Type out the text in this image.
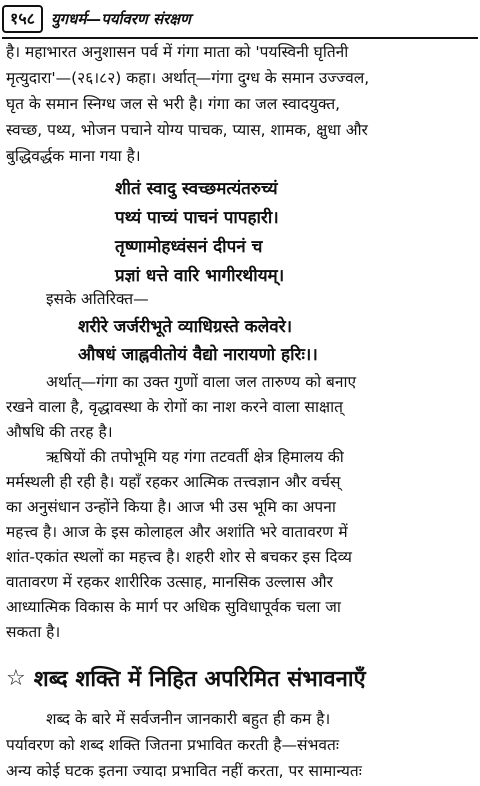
१५८	युगधर्म—पर्यावरण संरक्षण
है। महाभारत अनुशासन पर्व में गंगा माता को 'पयस्विनी घृतिनी
मृत्युदारा'—(२६।८२) कहा। अर्थात्—गंगा दुग्ध के समान उज्ज्वल,
घृत के समान स्निग्ध जल से भरी है। गंगा का जल स्वादयुक्त,
स्वच्छ, पथ्य, भोजन पचाने योग्य पाचक, प्यास, शामक, क्षुधा और
बुद्धिवर्द्धक माना गया है।
शीतं स्वादु स्वच्छमत्यंतरुच्यं
पथ्यं पाच्यं पाचनं पापहारी।
तृष्णामोहध्वंसनं दीपनं च
प्रज्ञां धत्ते वारि भागीरथीयम्।
इसके अतिरिक्त—
शरीरे जर्जरीभूते व्याधिग्रस्ते कलेवरे।
औषधं जाह्नवीतोयं वैद्यो नारायणो हरिः।।
अर्थात्—गंगा का उक्त गुणों वाला जल तारुण्य को बनाए
रखने वाला है, वृद्धावस्था के रोगों का नाश करने वाला साक्षात्
औषधि की तरह है।
ऋषियों की तपोभूमि यह गंगा तटवर्ती क्षेत्र हिमालय की
मर्मस्थली ही रही है। यहाँ रहकर आत्मिक तत्त्वज्ञान और वर्चस्
का अनुसंधान उन्होंने किया है। आज भी उस भूमि का अपना
महत्त्व है। आज के इस कोलाहल और अशांति भरे वातावरण में
शांत-एकांत स्थलों का महत्त्व है। शहरी शोर से बचकर इस दिव्य
वातावरण में रहकर शारीरिक उत्साह, मानसिक उल्लास और
आध्यात्मिक विकास के मार्ग पर अधिक सुविधापूर्वक चला जा
सकता है।
☆ शब्द शक्ति में निहित अपरिमित संभावनाएँ
शब्द के बारे में सर्वजनीन जानकारी बहुत ही कम है।
पर्यावरण को शब्द शक्ति जितना प्रभावित करती है—संभवतः
अन्य कोई घटक इतना ज्यादा प्रभावित नहीं करता, पर सामान्यतः
